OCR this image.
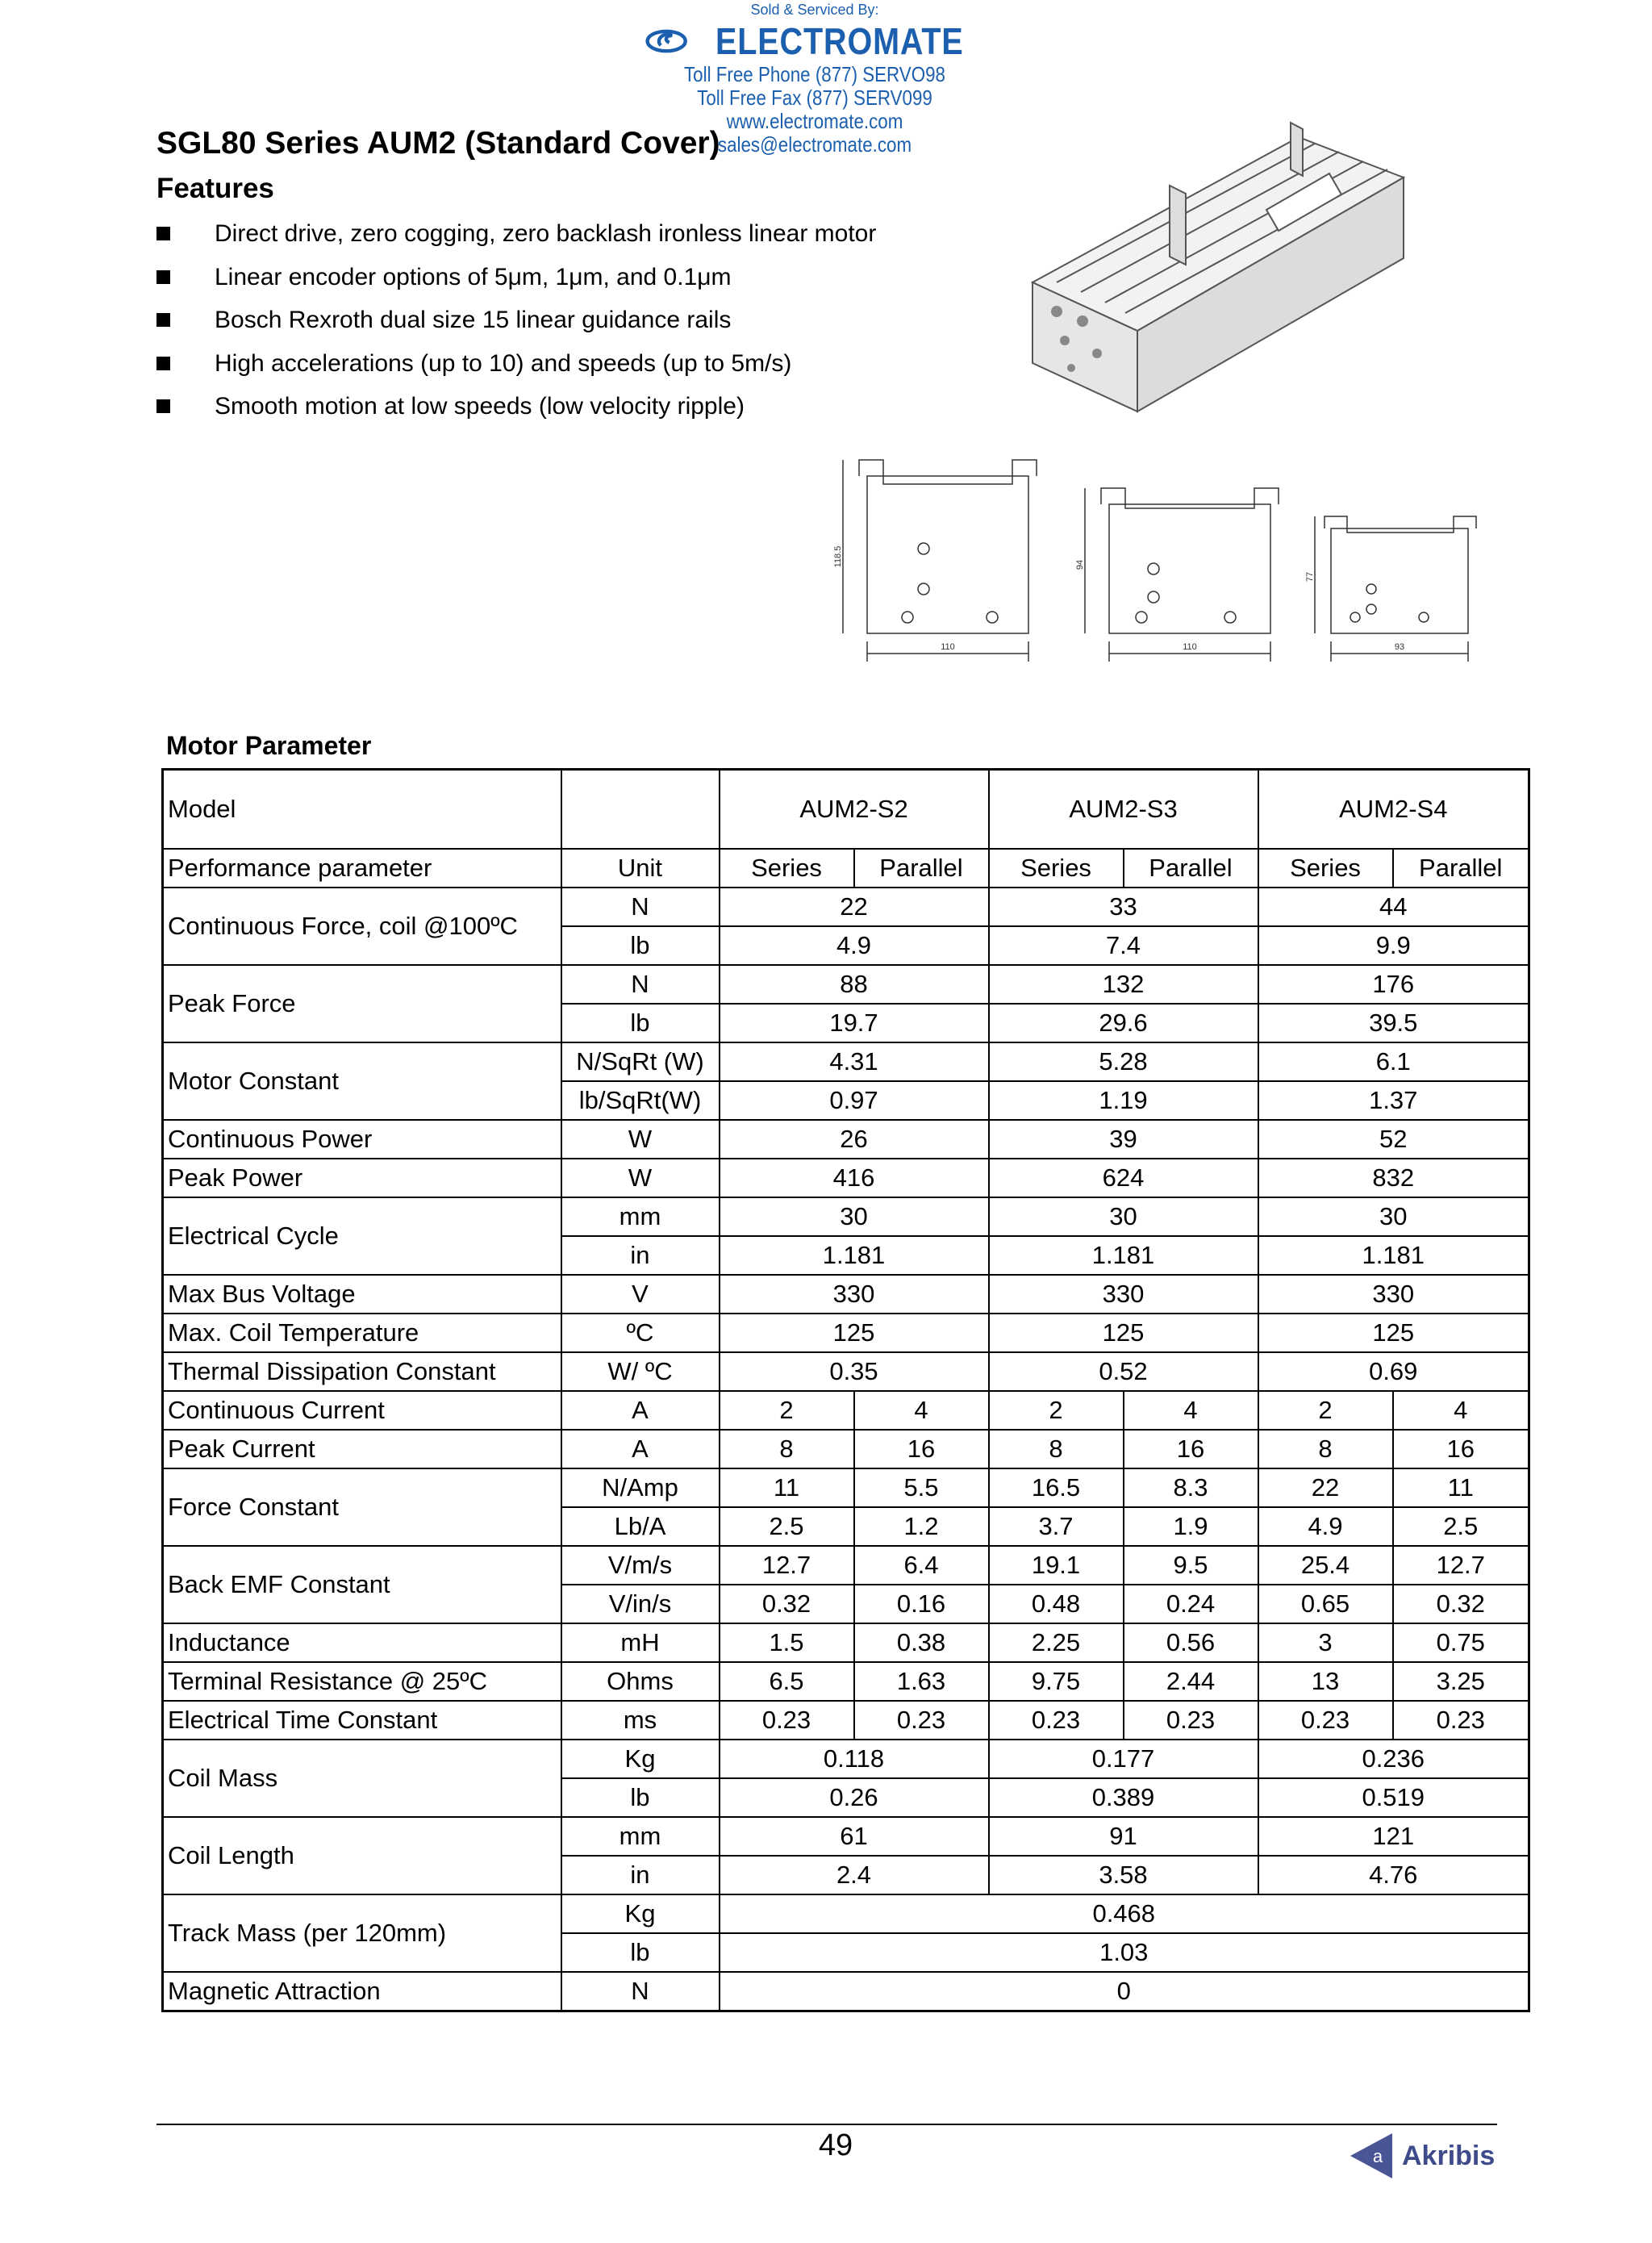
Sold & Serviced By:
ELECTROMATE
Toll Free Phone (877) SERVO98
Toll Free Fax (877) SERV099
www.electromate.com
sales@electromate.com
SGL80 Series AUM2 (Standard Cover)
Features
Direct drive, zero cogging, zero backlash ironless linear motor
Linear encoder options of 5μm, 1μm, and 0.1μm
Bosch Rexroth dual size 15 linear guidance rails
High accelerations (up to 10) and speeds (up to 5m/s)
Smooth motion at low speeds (low velocity ripple)
118.5
110
94
110
77
93
Motor Parameter
Model		AUM2-S2		AUM2-S3		AUM2-S4	
Performance parameter	Unit	Series	Parallel	Series	Parallel	Series	Parallel
Continuous Force, coil @100ºC	N	22		33		44	
	lb	4.9		7.4		9.9	
Peak Force	N	88		132		176	
	lb	19.7		29.6		39.5	
Motor Constant	N/SqRt (W)	4.31		5.28		6.1	
	lb/SqRt(W)	0.97		1.19		1.37	
Continuous Power	W	26		39		52	
Peak Power	W	416		624		832	
Electrical Cycle	mm	30		30		30	
	in	1.181		1.181		1.181	
Max Bus Voltage	V	330		330		330	
Max. Coil Temperature	ºC	125		125		125	
Thermal Dissipation Constant	W/ ºC	0.35		0.52		0.69	
Continuous Current	A	2	4	2	4	2	4
Peak Current	A	8	16	8	16	8	16
Force Constant	N/Amp	11	5.5	16.5	8.3	22	11
	Lb/A	2.5	1.2	3.7	1.9	4.9	2.5
Back EMF Constant	V/m/s	12.7	6.4	19.1	9.5	25.4	12.7
	V/in/s	0.32	0.16	0.48	0.24	0.65	0.32
Inductance	mH	1.5	0.38	2.25	0.56	3	0.75
Terminal Resistance @ 25ºC	Ohms	6.5	1.63	9.75	2.44	13	3.25
Electrical Time Constant	ms	0.23	0.23	0.23	0.23	0.23	0.23
Coil Mass	Kg	0.118		0.177		0.236	
	lb	0.26		0.389		0.519	
Coil Length	mm	61		91		121	
	in	2.4		3.58		4.76	
Track Mass (per 120mm)	Kg	0.468					
	lb	1.03					
Magnetic Attraction	N	0					
49	a Akribis
